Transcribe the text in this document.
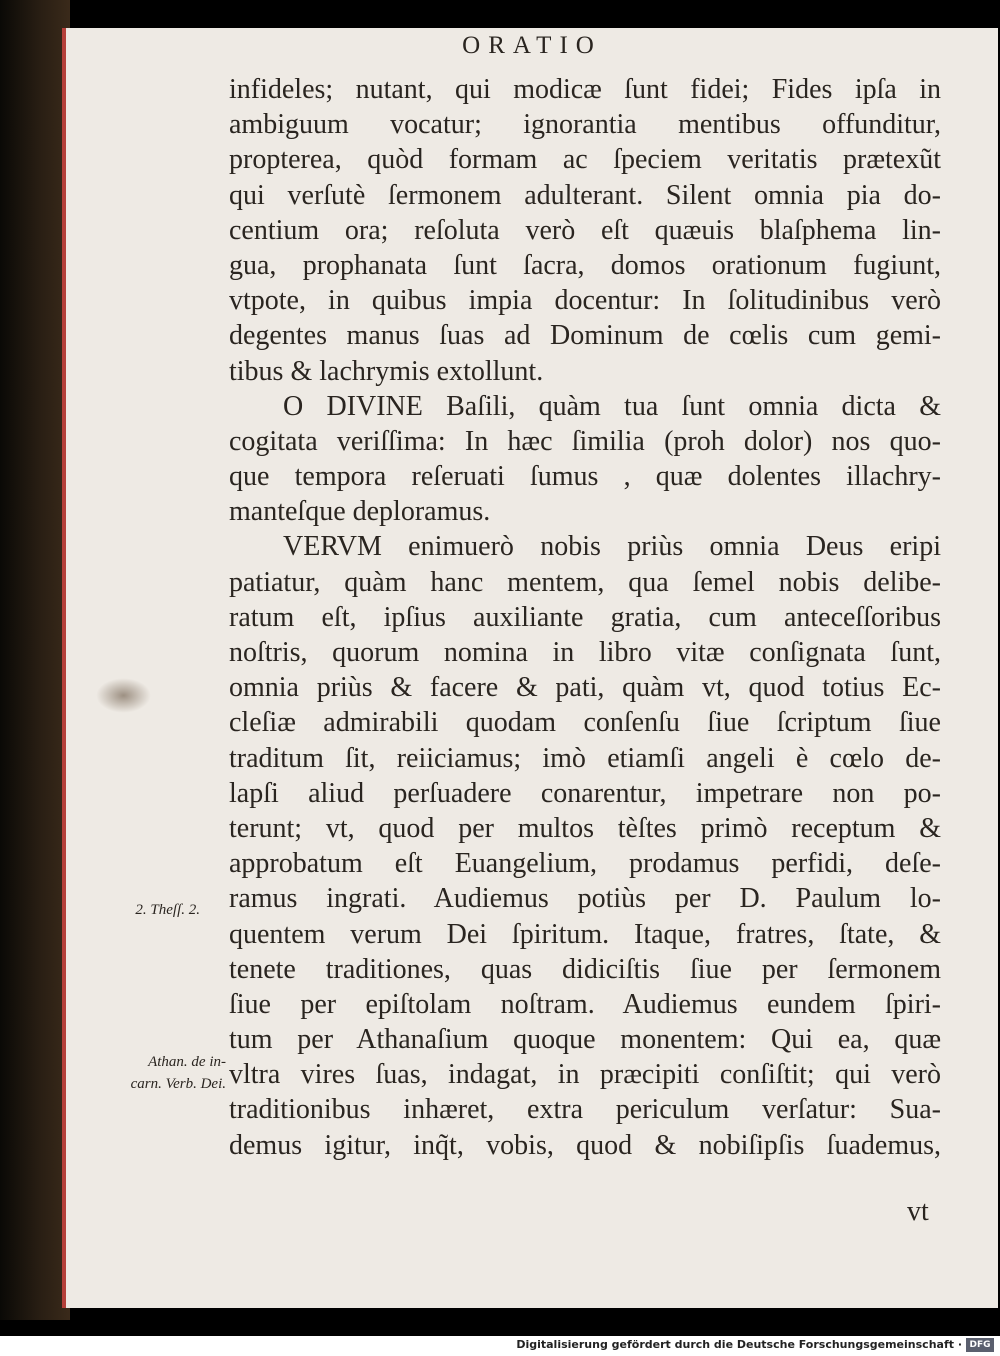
ORATIO
infideles; nutant, qui modicæ ſunt fidei; Fides ipſa in
ambiguum vocatur; ignorantia mentibus offunditur,
propterea, quòd formam ac ſpeciem veritatis prætexũt
qui verſutè ſermonem adulterant. Silent omnia pia do-
centium ora; reſoluta verò eſt quæuis blaſphema lin-
gua, prophanata ſunt ſacra, domos orationum fugiunt,
vtpote, in quibus impia docentur: In ſolitudinibus verò
degentes manus ſuas ad Dominum de cœlis cum gemi-
tibus & lachrymis extollunt.
O DIVINE Baſili, quàm tua ſunt omnia dicta &
cogitata veriſſima: In hæc ſimilia (proh dolor) nos quo-
que tempora reſeruati ſumus , quæ dolentes illachry-
manteſque deploramus.
VERVM enimuerò nobis priùs omnia Deus eripi
patiatur, quàm hanc mentem, qua ſemel nobis delibe-
ratum eſt, ipſius auxiliante gratia, cum anteceſſoribus
noſtris, quorum nomina in libro vitæ conſignata ſunt,
omnia priùs & facere & pati, quàm vt, quod totius Ec-
cleſiæ admirabili quodam conſenſu ſiue ſcriptum ſiue
traditum ſit, reiiciamus; imò etiamſi angeli è cœlo de-
lapſi aliud perſuadere conarentur, impetrare non po-
terunt; vt, quod per multos tèſtes primò receptum &
approbatum eſt Euangelium, prodamus perfidi, deſe-
ramus ingrati. Audiemus potiùs per D. Paulum lo-
quentem verum Dei ſpiritum. Itaque, fratres, ſtate, &
tenete traditiones, quas didiciſtis ſiue per ſermonem
ſiue per epiſtolam noſtram. Audiemus eundem ſpiri-
tum per Athanaſium quoque monentem: Qui ea, quæ
vltra vires ſuas, indagat, in præcipiti conſiſtit; qui verò
traditionibus inhæret, extra periculum verſatur: Sua-
demus igitur, inq̃t, vobis, quod & nobiſipſis ſuademus,
vt
2. Theſſ. 2.
Athan. de in-
carn. Verb. Dei.
Digitalisierung gefördert durch die Deutsche Forschungsgemeinschaft · DFG
